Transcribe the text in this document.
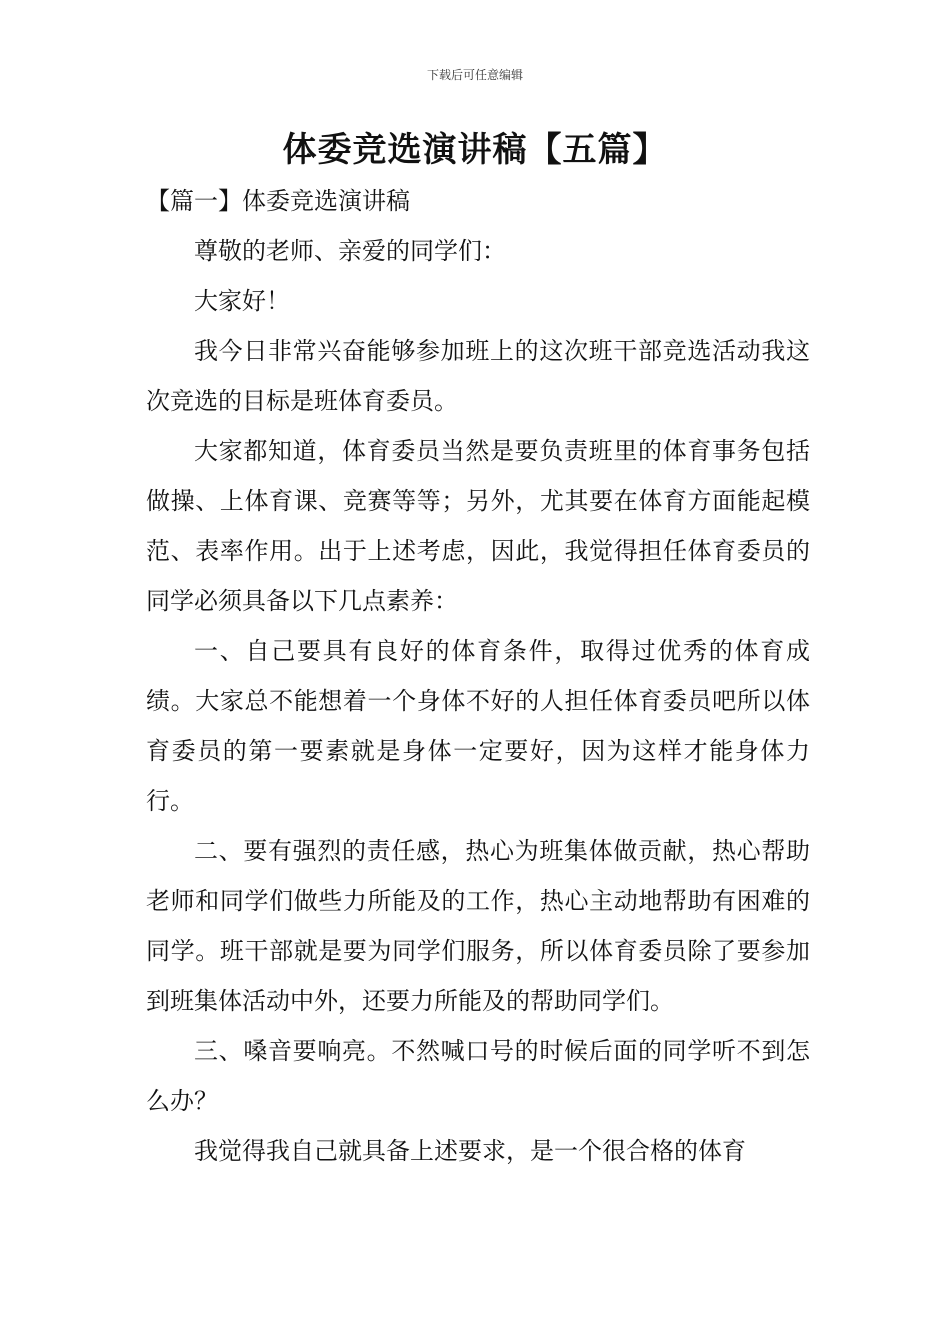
下载后可任意编辑
体委竞选演讲稿【五篇】
【篇一】体委竞选演讲稿

尊敬的老师、亲爱的同学们：

大家好！

我今日非常兴奋能够参加班上的这次班干部竞选活动我这次竞选的目标是班体育委员。

大家都知道，体育委员当然是要负责班里的体育事务包括做操、上体育课、竞赛等等；另外，尤其要在体育方面能起模范、表率作用。出于上述考虑，因此，我觉得担任体育委员的同学必须具备以下几点素养：

一、自己要具有良好的体育条件，取得过优秀的体育成绩。大家总不能想着一个身体不好的人担任体育委员吧所以体育委员的第一要素就是身体一定要好，因为这样才能身体力行。

二、要有强烈的责任感，热心为班集体做贡献，热心帮助老师和同学们做些力所能及的工作，热心主动地帮助有困难的同学。班干部就是要为同学们服务，所以体育委员除了要参加到班集体活动中外，还要力所能及的帮助同学们。

三、嗓音要响亮。不然喊口号的时候后面的同学听不到怎么办？

我觉得我自己就具备上述要求，是一个很合格的体育
